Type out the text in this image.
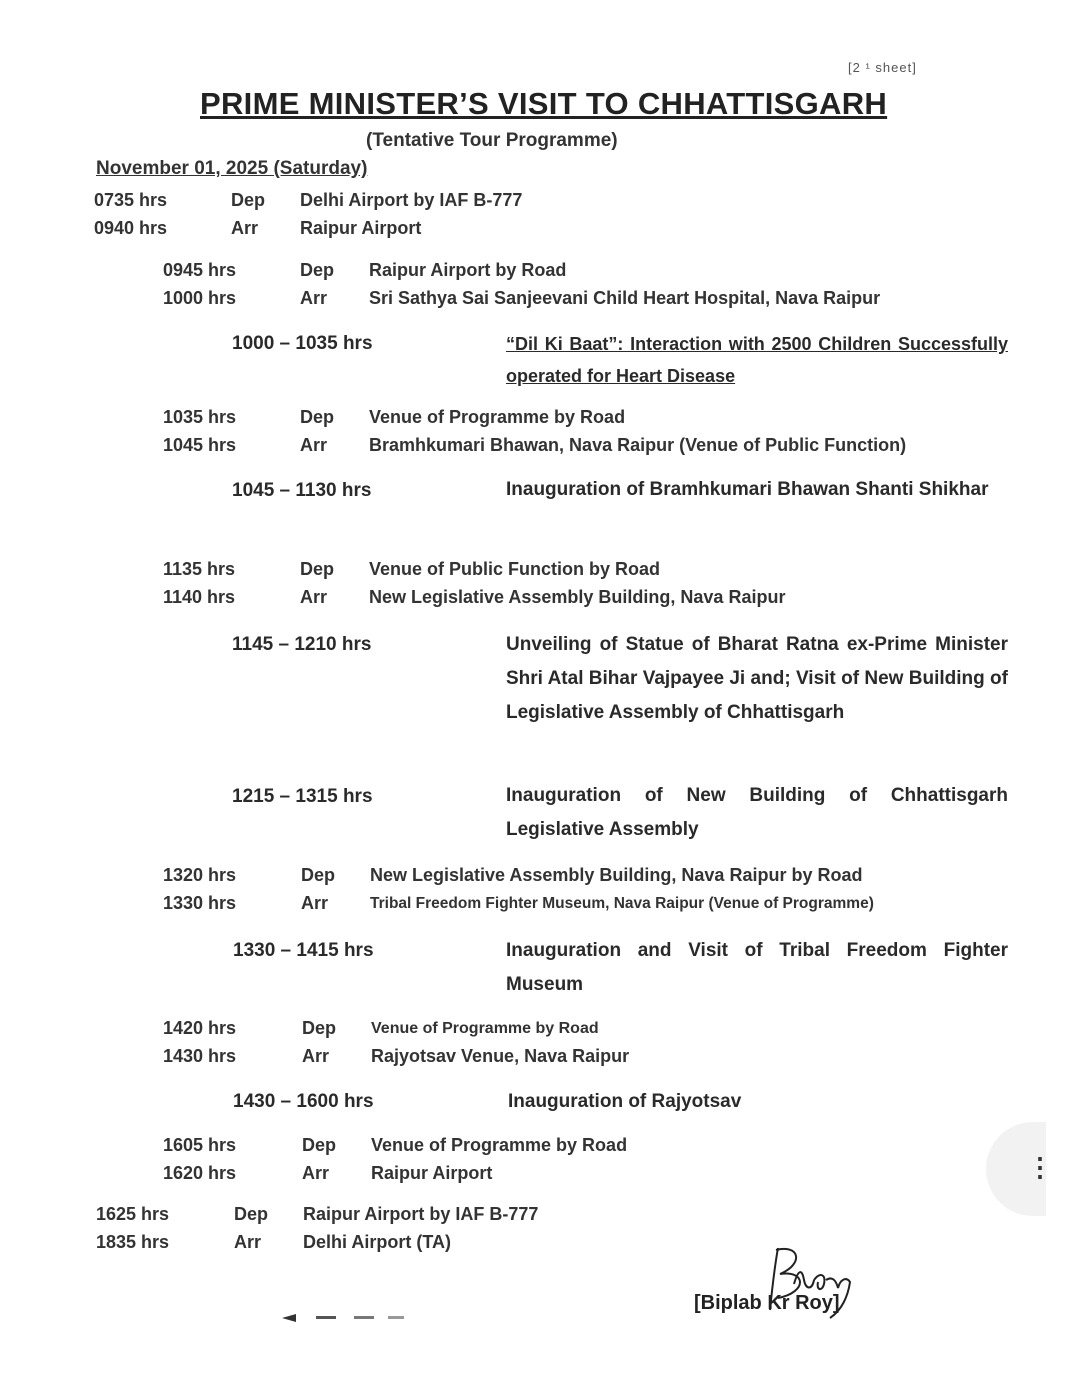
[2 ¹ sheet]
PRIME MINISTER’S VISIT TO CHHATTISGARH
(Tentative Tour Programme)
November 01, 2025 (Saturday)
0735 hrs	Dep Delhi Airport by IAF B-777
0940 hrs	Arr Raipur Airport
0945 hrs	Dep Raipur Airport by Road
1000 hrs	Arr Sri Sathya Sai Sanjeevani Child Heart Hospital, Nava Raipur
1000 – 1035 hrs	“Dil Ki Baat”: Interaction with 2500 Children Successfully operated for Heart Disease
1035 hrs	Dep Venue of Programme by Road
1045 hrs	Arr Bramhkumari Bhawan, Nava Raipur (Venue of Public Function)
1045 – 1130 hrs	Inauguration of Bramhkumari Bhawan Shanti Shikhar
1135 hrs	Dep Venue of Public Function by Road
1140 hrs	Arr New Legislative Assembly Building, Nava Raipur
1145 – 1210 hrs	Unveiling of Statue of Bharat Ratna ex-Prime Minister Shri Atal Bihar Vajpayee Ji and; Visit of New Building of Legislative Assembly of Chhattisgarh
1215 – 1315 hrs	Inauguration of New Building of Chhattisgarh Legislative Assembly
1320 hrs	Dep New Legislative Assembly Building, Nava Raipur by Road
1330 hrs	Arr	Tribal Freedom Fighter Museum, Nava Raipur (Venue of Programme)
1330 – 1415 hrs	Inauguration and Visit of Tribal Freedom Fighter Museum
1420 hrs	Dep Venue of Programme by Road
1430 hrs	Arr Rajyotsav Venue, Nava Raipur
1430 – 1600 hrs	Inauguration of Rajyotsav
1605 hrs	Dep Venue of Programme by Road
1620 hrs	Arr Raipur Airport
1625 hrs	Dep Raipur Airport by IAF B-777
1835 hrs	Arr Delhi Airport (TA)
[Biplab Kr Roy]
⋮
